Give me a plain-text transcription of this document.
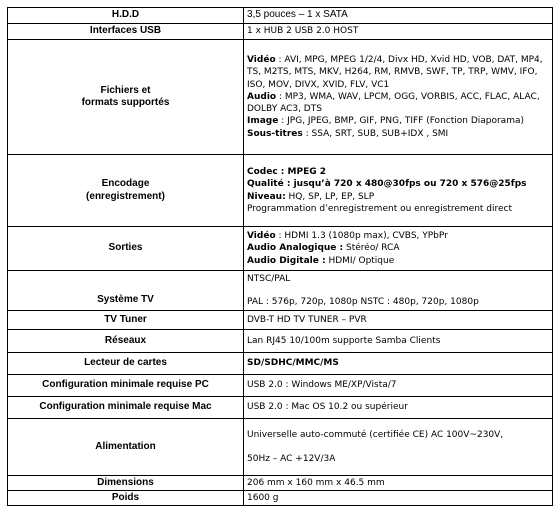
H.D.D	3,5 pouces – 1 x SATA
Interfaces USB	1 x HUB 2 USB 2.0 HOST

Fichiers et
formats supportés	Vidéo : AVI, MPG, MPEG 1/2/4, Divx HD, Xvid HD, VOB, DAT, MP4, TS, M2TS, MTS, MKV, H264, RM, RMVB, SWF, TP, TRP, WMV, IFO, ISO, MOV, DIVX, XVID, FLV, VC1
Audio : MP3, WMA, WAV, LPCM, OGG, VORBIS, ACC, FLAC, ALAC, DOLBY AC3, DTS
Image : JPG, JPEG, BMP, GIF, PNG, TIFF (Fonction Diaporama)
Sous-titres : SSA, SRT, SUB, SUB+IDX , SMI

Encodage
(enregistrement)	Codec : MPEG 2
Qualité : jusqu’à 720 x 480@30fps ou 720 x 576@25fps
Niveau: HQ, SP, LP, EP, SLP
Programmation d’enregistrement ou enregistrement direct

Sorties	Vidéo : HDMI 1.3 (1080p max), CVBS, YPbPr
Audio Analogique : Stéréo/ RCA
Audio Digitale : HDMI/ Optique

Système TV	NTSC/PAL
PAL : 576p, 720p, 1080p NSTC : 480p, 720p, 1080p

TV Tuner	DVB-T HD TV TUNER – PVR
Réseaux	Lan RJ45 10/100m supporte Samba Clients
Lecteur de cartes	SD/SDHC/MMC/MS
Configuration minimale requise PC	USB 2.0 : Windows ME/XP/Vista/7
Configuration minimale requise Mac	USB 2.0 : Mac OS 10.2 ou supérieur
Alimentation	Universelle auto-commuté (certifiée CE) AC 100V~230V,
50Hz – AC +12V/3A

Dimensions	206 mm x 160 mm x 46.5 mm
Poids	1600 g
